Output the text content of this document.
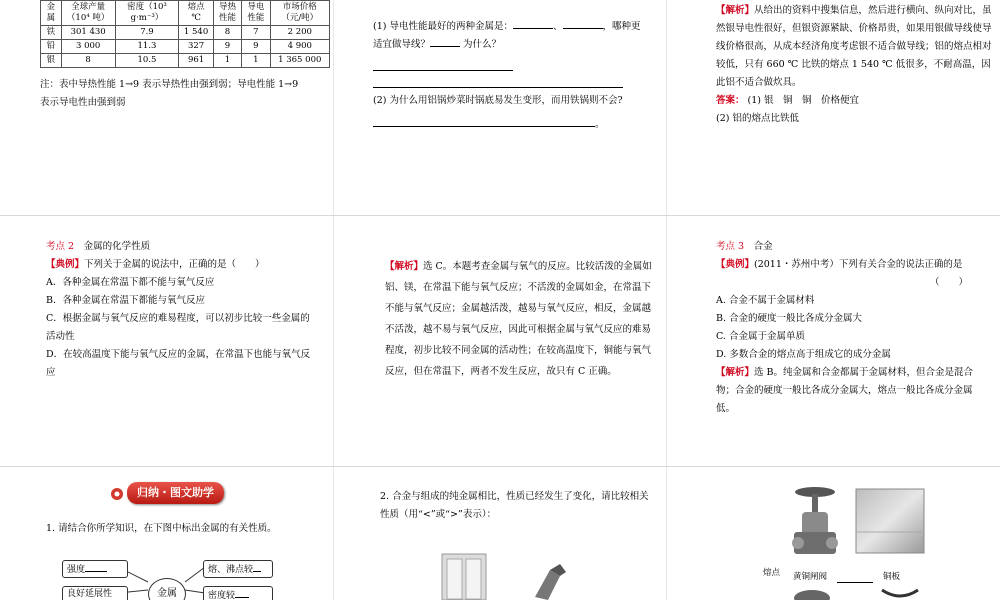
金属	全球产量（10⁴ 吨）	密度（10³ g·m⁻³）	熔点 ℃	导热性能	导电性能	市场价格（元/吨）
铁	301 430	7.9	1 540	8	7	2 200
铅	3 000	11.3	327	9	9	4 900
银	8	10.5	961	1	1	1 365 000

注：表中导热性能 1→9 表示导热性由强到弱；导电性能 1→9 表示导电性由强到弱

(1) 导电性能最好的两种金属是：	、	，哪种更
适宜做导线？	为什么？
(2) 为什么用铝锅炒菜时锅底易发生变形，而用铁锅则不会?
。

【解析】从给出的资料中搜集信息，然后进行横向、纵向对比，虽然银导电性很好，但银资源紧缺、价格昂贵，如果用银做导线使导线价格很高，从成本经济角度考虑银不适合做导线；铝的熔点相对较低，只有 660 ℃ 比铁的熔点 1 540 ℃ 低很多，不耐高温，因此铝不适合做炊具。

答案： (1) 银　铜　铜　价格便宜

(2) 铝的熔点比铁低

考点 2　 金属的化学性质

【典例】下列关于金属的说法中，正确的是（　　）

A．各种金属在常温下都不能与氧气反应

B．各种金属在常温下都能与氧气反应

C．根据金属与氧气反应的难易程度，可以初步比较一些金属的活动性

D．在较高温度下能与氧气反应的金属，在常温下也能与氧气反应

【解析】选 C。本题考查金属与氧气的反应。比较活泼的金属如铝、镁，在常温下能与氧气反应；不活泼的金属如金，在常温下不能与氧气反应；金属越活泼，越易与氧气反应，相反，金属越不活泼，越不易与氧气反应，因此可根据金属与氧气反应的难易程度，初步比较不同金属的活动性；在较高温度下，铜能与氧气反应，但在常温下，两者不发生反应，故只有 C 正确。

考点 3　 合金

【典例】(2011・苏州中考）下列有关合金的说法正确的是

（　　）

A. 合金不属于金属材料

B. 合金的硬度一般比各成分金属大

C. 合金属于金属单质

D. 多数合金的熔点高于组成它的成分金属

【解析】选 B。纯金属和合金都属于金属材料，但合金是混合物；合金的硬度一般比各成分金属大，熔点一般比各成分金属低。

归纳・图文助学

1. 请结合你所学知识，在下图中标出金属的有关性质。

强度	熔、沸点较
金属
良好延展性	密度较

2. 合金与组成的纯金属相比，性质已经发生了变化，请比较相关性质（用“<”或“>”表示）：

熔点 黄铜闸阀	铜板
